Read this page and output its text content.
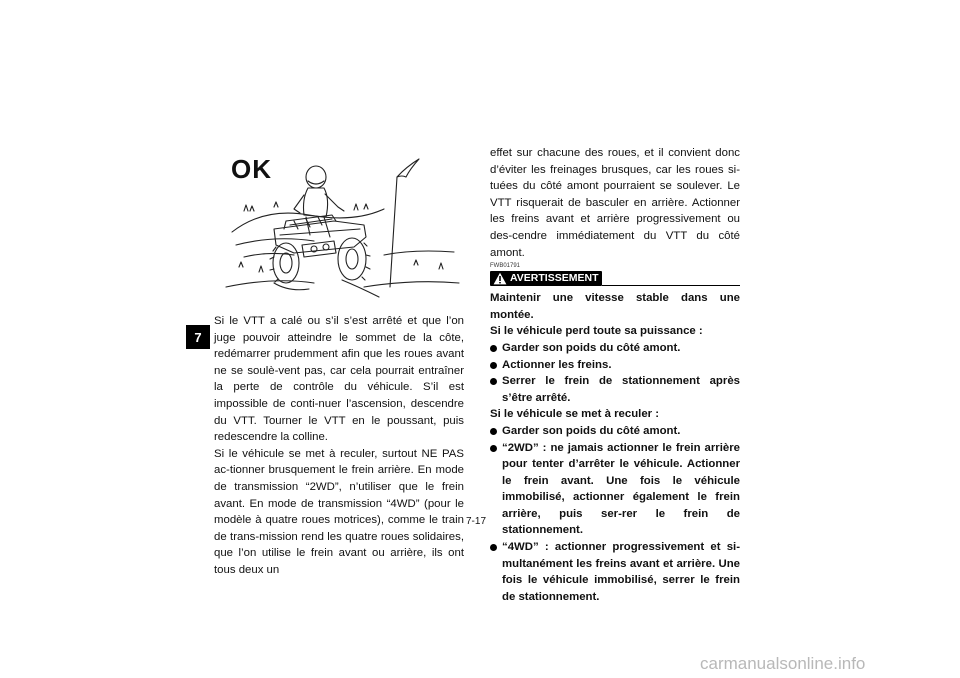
7
OK

Si le VTT a calé ou s’il s’est arrêté et que l’on juge pouvoir atteindre le sommet de la côte, redémarrer prudemment afin que les roues avant ne se soulè-vent pas, car cela pourrait entraîner la perte de contrôle du véhicule. S’il est impossible de conti-nuer l’ascension, descendre du VTT. Tourner le VTT en le poussant, puis redescendre la colline.

Si le véhicule se met à reculer, surtout NE PAS ac-tionner brusquement le frein arrière. En mode de transmission “2WD”, n’utiliser que le frein avant. En mode de transmission “4WD” (pour le modèle à quatre roues motrices), comme le train de trans-mission rend les quatre roues solidaires, que l’on utilise le frein avant ou arrière, ils ont tous deux un

effet sur chacune des roues, et il convient donc d’éviter les freinages brusques, car les roues si-tuées du côté amont pourraient se soulever. Le VTT risquerait de basculer en arrière. Actionner les freins avant et arrière progressivement ou des-cendre immédiatement du VTT du côté amont.

FWB01791
AVERTISSEMENT

Maintenir une vitesse stable dans une montée.

Si le véhicule perd toute sa puissance :

Garder son poids du côté amont.
Actionner les freins.
Serrer le frein de stationnement après s’être arrêté.

Si le véhicule se met à reculer :

Garder son poids du côté amont.
“2WD” : ne jamais actionner le frein arrière pour tenter d’arrêter le véhicule. Actionner le frein avant. Une fois le véhicule immobilisé, actionner également le frein arrière, puis ser-rer le frein de stationnement.
“4WD” : actionner progressivement et si-multanément les freins avant et arrière. Une fois le véhicule immobilisé, serrer le frein de stationnement.
7-17
carmanualsonline.info
